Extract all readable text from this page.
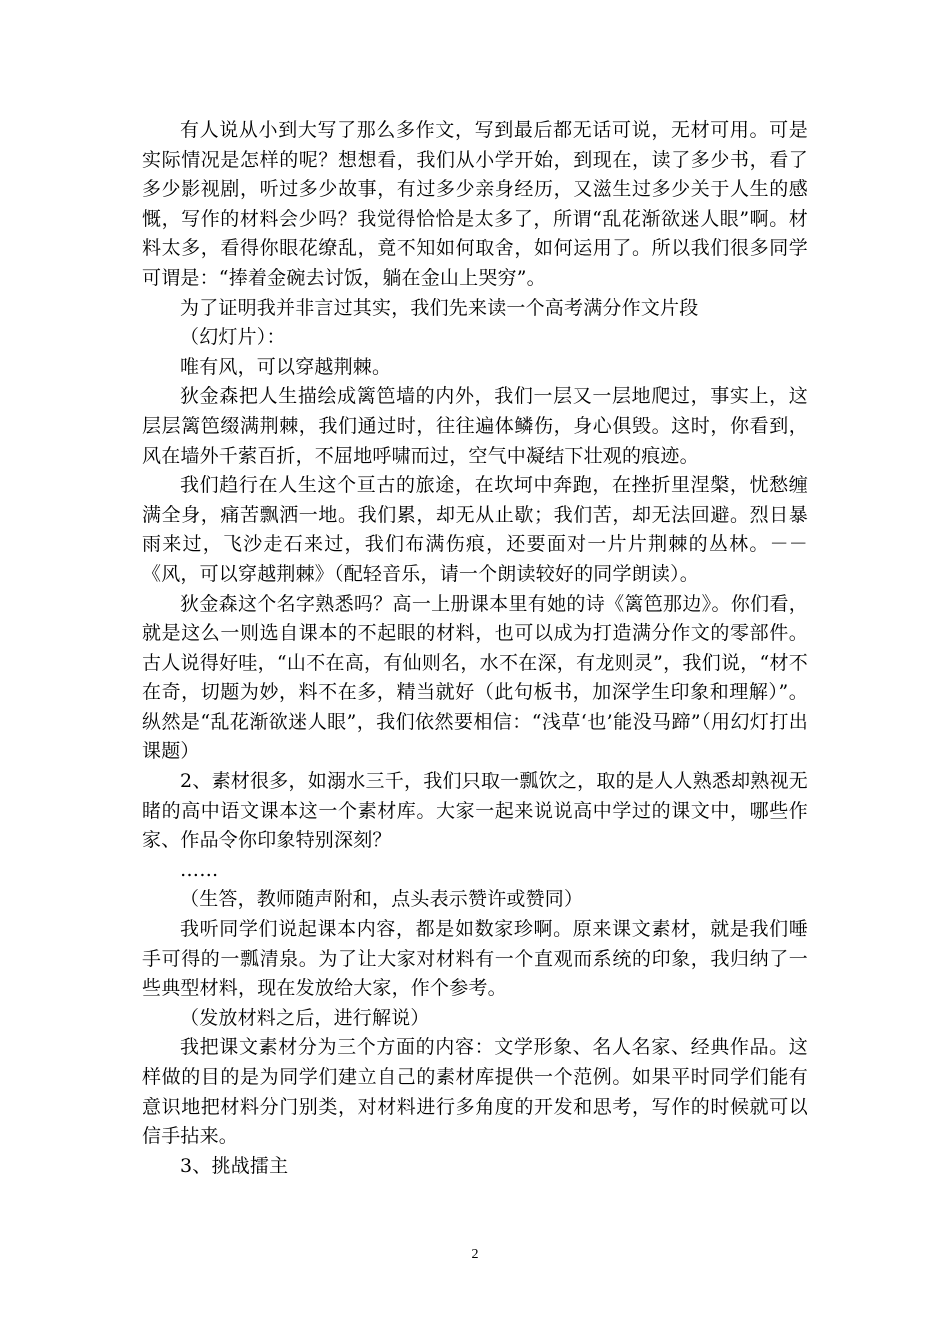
有人说从小到大写了那么多作文，写到最后都无话可说，无材可用。可是实际情况是怎样的呢？想想看，我们从小学开始，到现在，读了多少书，看了多少影视剧，听过多少故事，有过多少亲身经历，又滋生过多少关于人生的感慨，写作的材料会少吗？我觉得恰恰是太多了，所谓“乱花渐欲迷人眼”啊。材料太多，看得你眼花缭乱，竟不知如何取舍，如何运用了。所以我们很多同学可谓是：“捧着金碗去讨饭，躺在金山上哭穷”。

为了证明我并非言过其实，我们先来读一个高考满分作文片段

（幻灯片）：

唯有风，可以穿越荆棘。

狄金森把人生描绘成篱笆墙的内外，我们一层又一层地爬过，事实上，这层层篱笆缀满荆棘，我们通过时，往往遍体鳞伤，身心俱毁。这时，你看到，风在墙外千萦百折，不屈地呼啸而过，空气中凝结下壮观的痕迹。

我们趋行在人生这个亘古的旅途，在坎坷中奔跑，在挫折里涅槃，忧愁缠满全身，痛苦飘洒一地。我们累，却无从止歇；我们苦，却无法回避。烈日暴雨来过，飞沙走石来过，我们布满伤痕，还要面对一片片荆棘的丛林。－－　《风，可以穿越荆棘》（配轻音乐，请一个朗读较好的同学朗读）。

狄金森这个名字熟悉吗？高一上册课本里有她的诗《篱笆那边》。你们看，就是这么一则选自课本的不起眼的材料，也可以成为打造满分作文的零部件。古人说得好哇，“山不在高，有仙则名，水不在深，有龙则灵”，我们说，“材不在奇，切题为妙，料不在多，精当就好（此句板书，加深学生印象和理解）”。纵然是“乱花渐欲迷人眼”，我们依然要相信：“浅草‘也’能没马蹄”（用幻灯打出课题）

2、素材很多，如溺水三千，我们只取一瓢饮之，取的是人人熟悉却熟视无睹的高中语文课本这一个素材库。大家一起来说说高中学过的课文中，哪些作家、作品令你印象特别深刻？

……

（生答，教师随声附和，点头表示赞许或赞同）

我听同学们说起课本内容，都是如数家珍啊。原来课文素材，就是我们唾手可得的一瓢清泉。为了让大家对材料有一个直观而系统的印象，我归纳了一些典型材料，现在发放给大家，作个参考。

（发放材料之后，进行解说）

我把课文素材分为三个方面的内容：文学形象、名人名家、经典作品。这样做的目的是为同学们建立自己的素材库提供一个范例。如果平时同学们能有意识地把材料分门别类，对材料进行多角度的开发和思考，写作的时候就可以信手拈来。

3、挑战擂主

2
